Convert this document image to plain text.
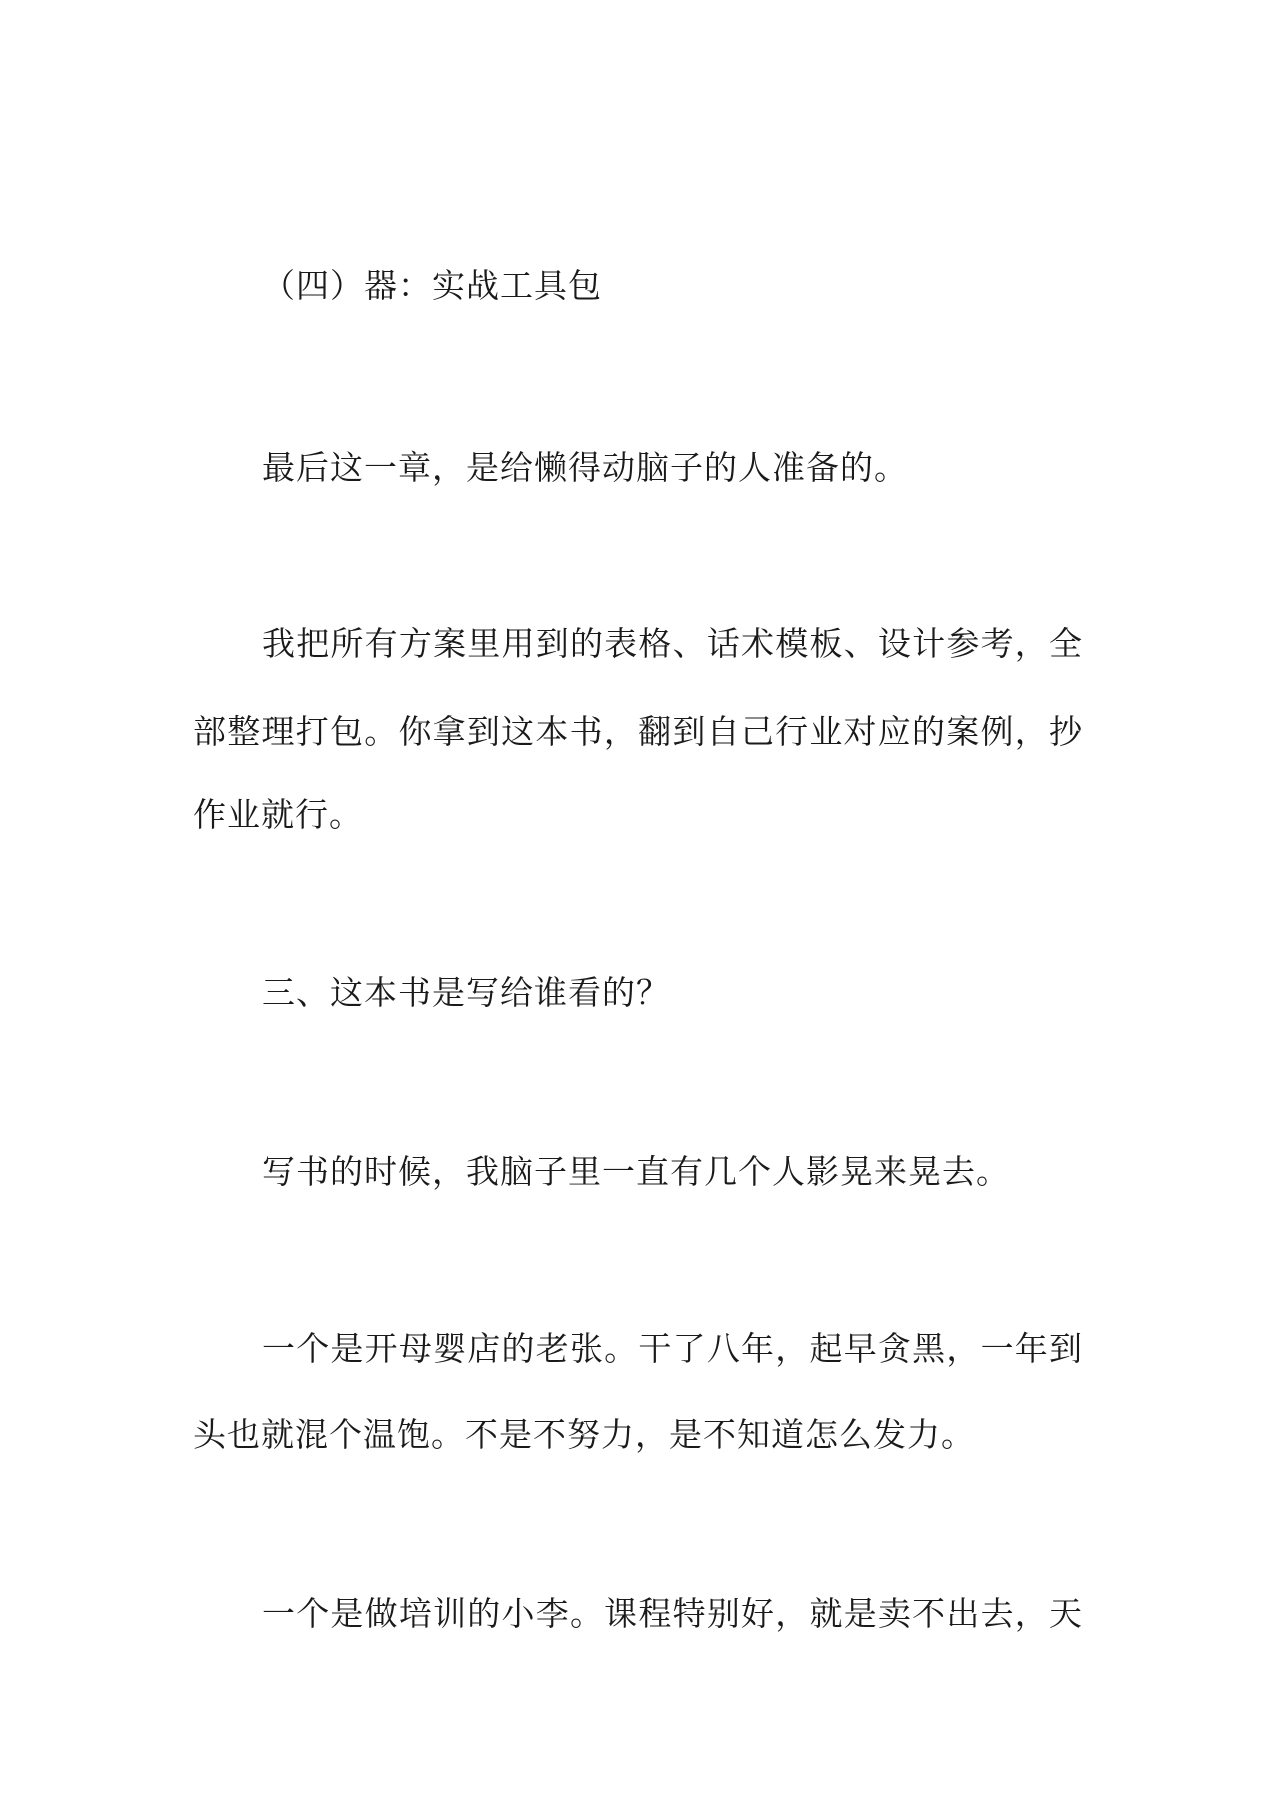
（四）器：实战工具包
最后这一章，是给懒得动脑子的人准备的。
我把所有方案里用到的表格、话术模板、设计参考，全
部整理打包。你拿到这本书，翻到自己行业对应的案例，抄
作业就行。
三、这本书是写给谁看的？
写书的时候，我脑子里一直有几个人影晃来晃去。
一个是开母婴店的老张。干了八年，起早贪黑，一年到
头也就混个温饱。不是不努力，是不知道怎么发力。
一个是做培训的小李。课程特别好，就是卖不出去，天
